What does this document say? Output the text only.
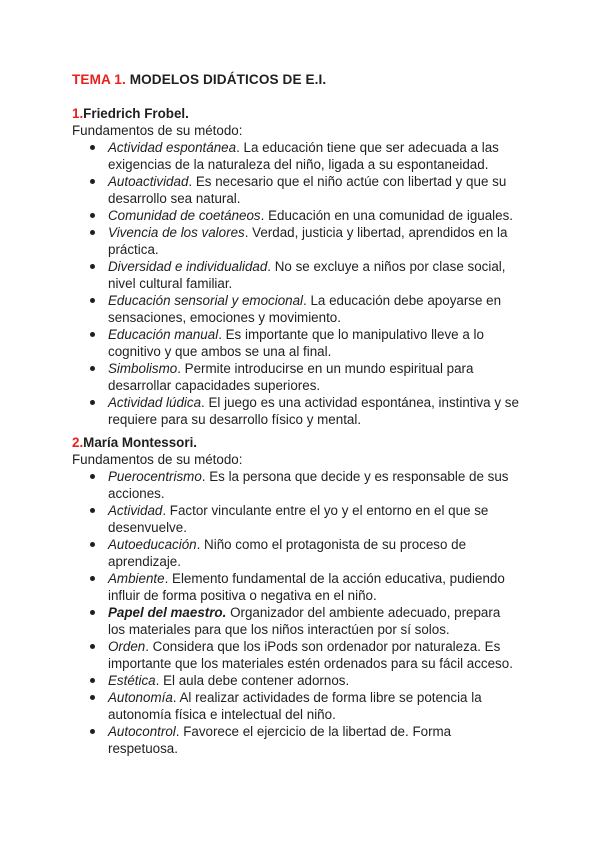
TEMA 1. MODELOS DIDÁTICOS DE E.I.
1.Friedrich Frobel.
Fundamentos de su método:
Actividad espontánea. La educación tiene que ser adecuada a las exigencias de la naturaleza del niño, ligada a su espontaneidad.
Autoactividad. Es necesario que el niño actúe con libertad y que su desarrollo sea natural.
Comunidad de coetáneos. Educación en una comunidad de iguales.
Vivencia de los valores. Verdad, justicia y libertad, aprendidos en la práctica.
Diversidad e individualidad. No se excluye a niños por clase social, nivel cultural familiar.
Educación sensorial y emocional. La educación debe apoyarse en sensaciones, emociones y movimiento.
Educación manual. Es importante que lo manipulativo lleve a lo cognitivo y que ambos se una al final.
Simbolismo. Permite introducirse en un mundo espiritual para desarrollar capacidades superiores.
Actividad lúdica. El juego es una actividad espontánea, instintiva y se requiere para su desarrollo físico y mental.
2.María Montessori.
Fundamentos de su método:
Puerocentrismo. Es la persona que decide y es responsable de sus acciones.
Actividad. Factor vinculante entre el yo y el entorno en el que se desenvuelve.
Autoeducación. Niño como el protagonista de su proceso de aprendizaje.
Ambiente. Elemento fundamental de la acción educativa, pudiendo influir de forma positiva o negativa en el niño.
Papel del maestro. Organizador del ambiente adecuado, prepara los materiales para que los niños interactúen por sí solos.
Orden. Considera que los iPods son ordenador por naturaleza. Es importante que los materiales estén ordenados para su fácil acceso.
Estética. El aula debe contener adornos.
Autonomía. Al realizar actividades de forma libre se potencia la autonomía física e intelectual del niño.
Autocontrol. Favorece el ejercicio de la libertad de. Forma respetuosa.
